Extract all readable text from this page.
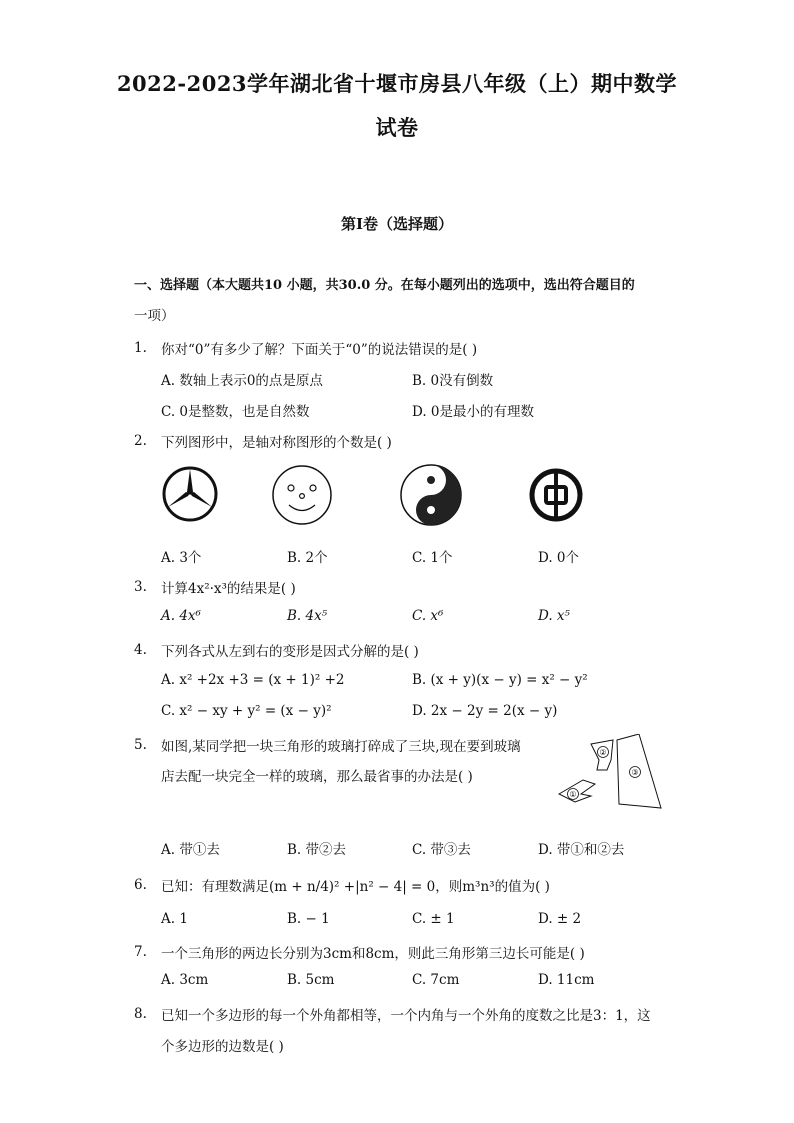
2022-2023学年湖北省十堰市房县八年级（上）期中数学
试卷
第I卷（选择题）
一、选择题（本大题共10 小题，共30.0 分。在每小题列出的选项中，选出符合题目的
一项）
1. 你对“0”有多少了解？下面关于“0”的说法错误的是( )
A. 数轴上表示0的点是原点	B. 0没有倒数
C. 0是整数，也是自然数	D. 0是最小的有理数
2. 下列图形中，是轴对称图形的个数是( )
A. 3个	B. 2个	C. 1个	D. 0个
3. 计算4x²·x³的结果是( )
A. 4x⁶	B. 4x⁵	C. x⁶	D. x⁵
4. 下列各式从左到右的变形是因式分解的是( )
A. x² +2x +3 = (x + 1)² +2	B. (x + y)(x − y) = x² − y²
C. x² − xy + y² = (x − y)²	D. 2x − 2y = 2(x − y)
5. 如图,某同学把一块三角形的玻璃打碎成了三块,现在要到玻璃
店去配一块完全一样的玻璃，那么最省事的办法是( )
②
③
①
A. 带①去	B. 带②去	C. 带③去	D. 带①和②去
6. 已知：有理数满足(m + n/4)² +|n² − 4| = 0，则m³n³的值为( )
A. 1	B. − 1	C. ± 1	D. ± 2
7. 一个三角形的两边长分别为3cm和8cm，则此三角形第三边长可能是( )
A. 3cm	B. 5cm	C. 7cm	D. 11cm
8. 已知一个多边形的每一个外角都相等，一个内角与一个外角的度数之比是3：1，这
个多边形的边数是( )
